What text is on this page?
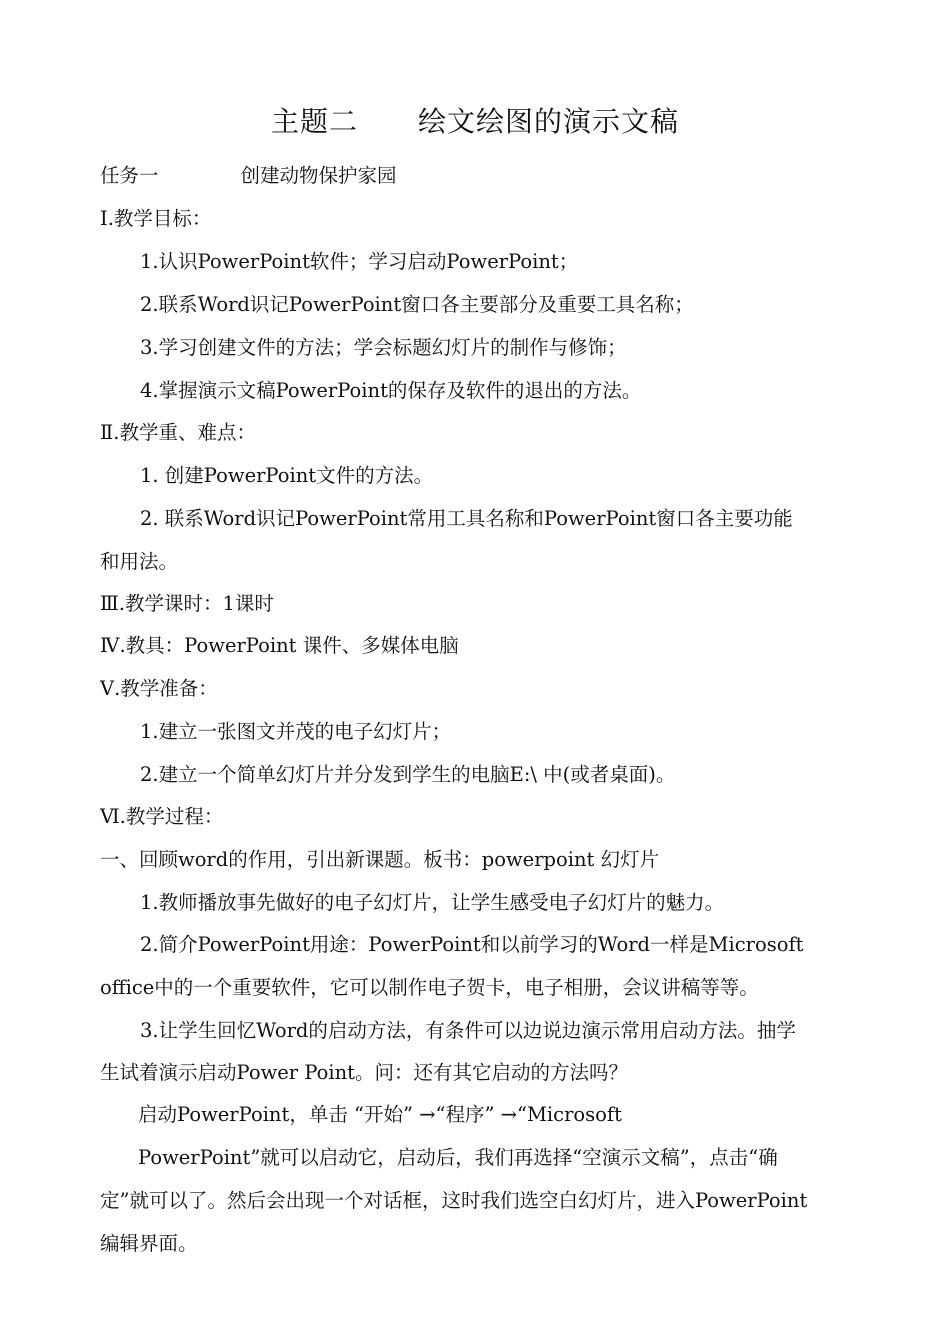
主题二 绘文绘图的演示文稿
任务一	创建动物保护家园
Ⅰ.教学目标：
1.认识PowerPoint软件；学习启动PowerPoint；
2.联系Word识记PowerPoint窗口各主要部分及重要工具名称；
3.学习创建文件的方法；学会标题幻灯片的制作与修饰；
4.掌握演示文稿PowerPoint的保存及软件的退出的方法。
Ⅱ.教学重、难点：
1. 创建PowerPoint文件的方法。
2. 联系Word识记PowerPoint常用工具名称和PowerPoint窗口各主要功能
和用法。
Ⅲ.教学课时：1课时
Ⅳ.教具：PowerPoint 课件、多媒体电脑
Ⅴ.教学准备：
1.建立一张图文并茂的电子幻灯片；
2.建立一个简单幻灯片并分发到学生的电脑E:\ 中(或者桌面)。
Ⅵ.教学过程：
一、回顾word的作用，引出新课题。板书：powerpoint 幻灯片
1.教师播放事先做好的电子幻灯片，让学生感受电子幻灯片的魅力。
2.简介PowerPoint用途：PowerPoint和以前学习的Word一样是Microsoft
office中的一个重要软件，它可以制作电子贺卡，电子相册，会议讲稿等等。
3.让学生回忆Word的启动方法，有条件可以边说边演示常用启动方法。抽学
生试着演示启动Power Point。问：还有其它启动的方法吗？
启动PowerPoint，单击 “开始” →“程序” →“Microsoft
PowerPoint”就可以启动它，启动后，我们再选择“空演示文稿”，点击“确
定”就可以了。然后会出现一个对话框，这时我们选空白幻灯片，进入PowerPoint
编辑界面。
